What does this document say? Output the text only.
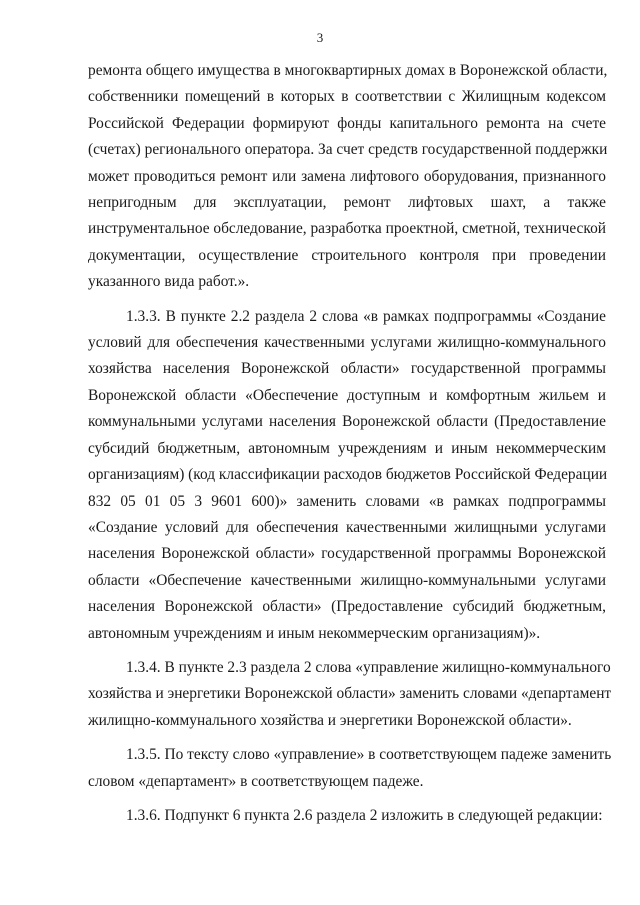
3

ремонта общего имущества в многоквартирных домах в Воронежской области,
собственники помещений в которых в соответствии с Жилищным кодексом
Российской Федерации формируют фонды капитального ремонта на счете
(счетах) регионального оператора. За счет средств государственной поддержки
может проводиться ремонт или замена лифтового оборудования, признанного
непригодным для эксплуатации, ремонт лифтовых шахт, а также
инструментальное обследование, разработка проектной, сметной, технической
документации, осуществление строительного контроля при проведении
указанного вида работ.».

1.3.3. В пункте 2.2 раздела 2 слова «в рамках подпрограммы «Создание
условий для обеспечения качественными услугами жилищно-коммунального
хозяйства населения Воронежской области» государственной программы
Воронежской области «Обеспечение доступным и комфортным жильем и
коммунальными услугами населения Воронежской области (Предоставление
субсидий бюджетным, автономным учреждениям и иным некоммерческим
организациям) (код классификации расходов бюджетов Российской Федерации
832 05 01 05 3 9601 600)» заменить словами «в рамках подпрограммы
«Создание условий для обеспечения качественными жилищными услугами
населения Воронежской области» государственной программы Воронежской
области «Обеспечение качественными жилищно-коммунальными услугами
населения Воронежской области» (Предоставление субсидий бюджетным,
автономным учреждениям и иным некоммерческим организациям)».

1.3.4. В пункте 2.3 раздела 2 слова «управление жилищно-коммунального
хозяйства и энергетики Воронежской области» заменить словами «департамент
жилищно-коммунального хозяйства и энергетики Воронежской области».

1.3.5. По тексту слово «управление» в соответствующем падеже заменить
словом «департамент» в соответствующем падеже.

1.3.6. Подпункт 6 пункта 2.6 раздела 2 изложить в следующей редакции:
